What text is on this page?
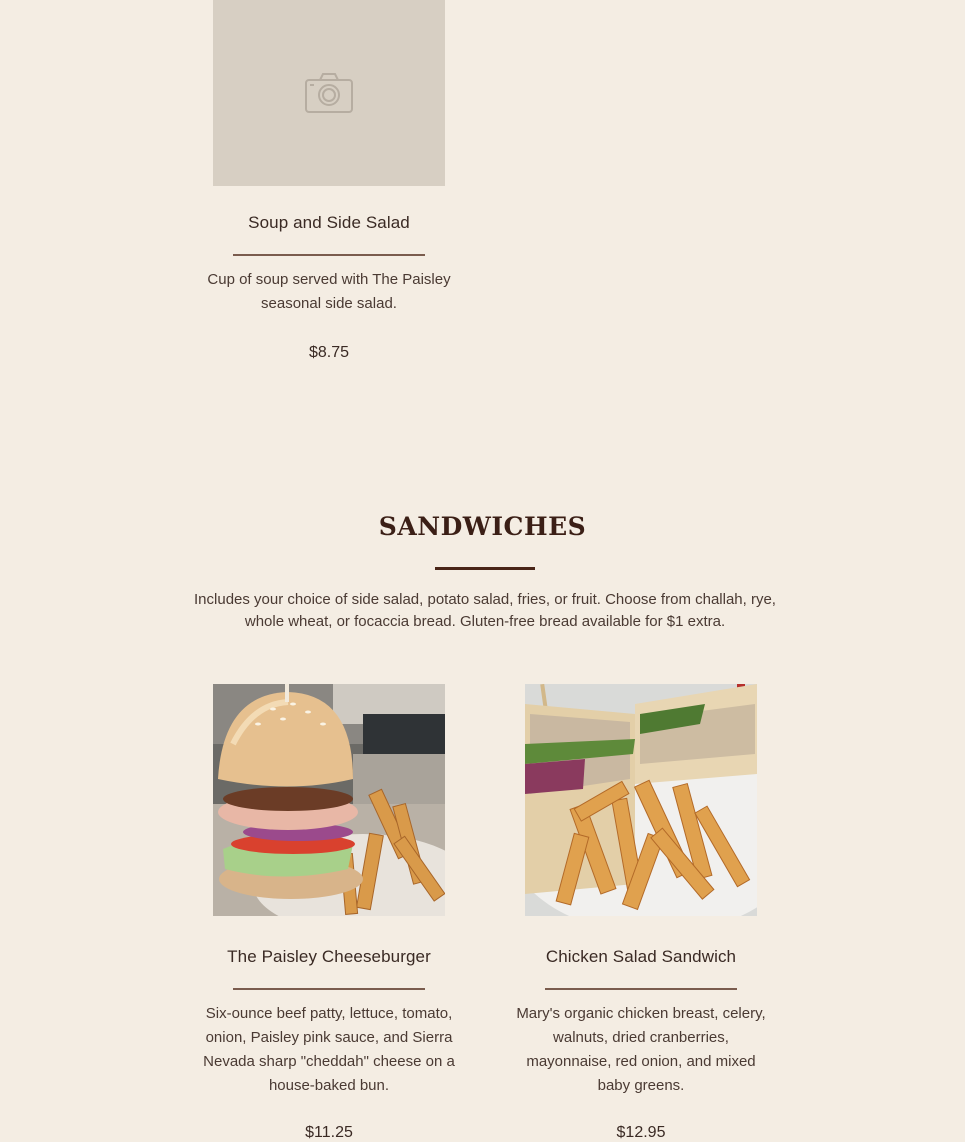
Soup and Side Salad
Cup of soup served with The Paisley seasonal side salad.
$8.75
SANDWICHES
Includes your choice of side salad, potato salad, fries, or fruit. Choose from challah, rye, whole wheat, or focaccia bread. Gluten-free bread available for $1 extra.
The Paisley Cheeseburger
Six-ounce beef patty, lettuce, tomato, onion, Paisley pink sauce, and Sierra Nevada sharp "cheddah" cheese on a house-baked bun.
$11.25
Chicken Salad Sandwich
Mary's organic chicken breast, celery, walnuts, dried cranberries, mayonnaise, red onion, and mixed baby greens.
$12.95
